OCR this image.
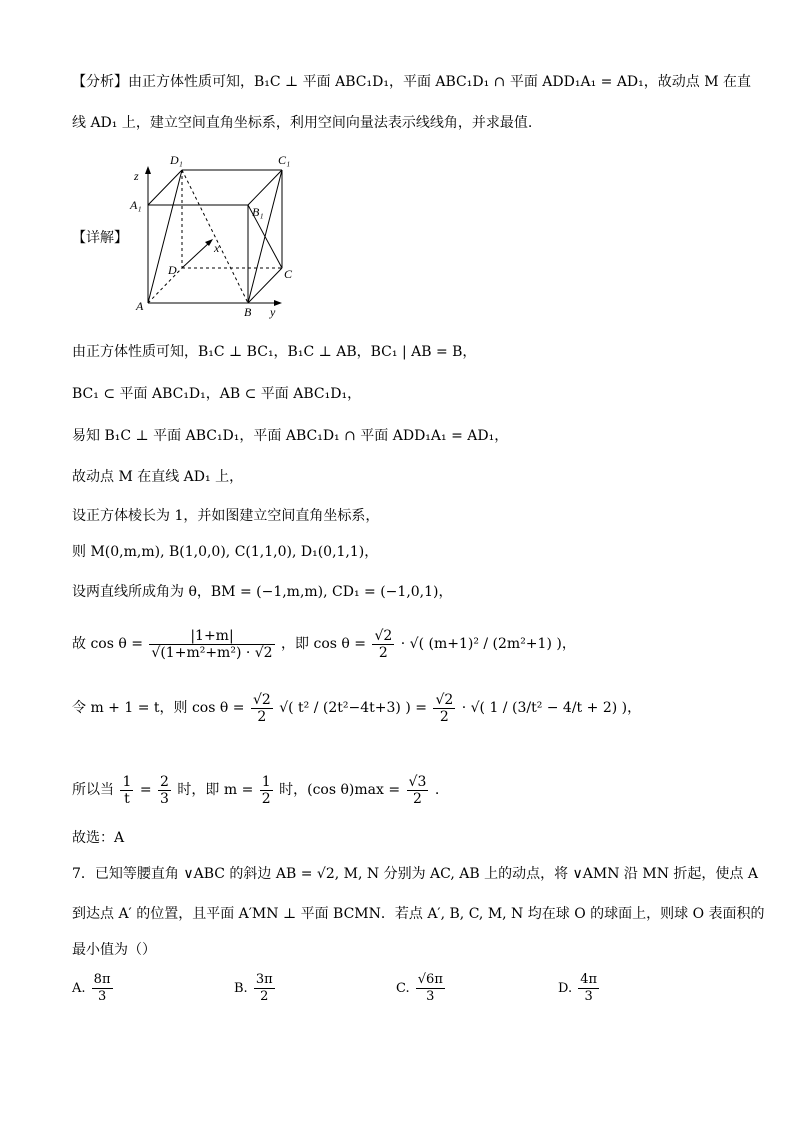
【分析】由正方体性质可知，B₁C ⊥ 平面 ABC₁D₁，平面 ABC₁D₁ ∩ 平面 ADD₁A₁ = AD₁，故动点 M 在直
线 AD₁ 上，建立空间直角坐标系，利用空间向量法表示线线角，并求最值.
【详解】
D₁	C₁
A₁	B₁
D	C
A	B
x
y
z
由正方体性质可知，B₁C ⊥ BC₁，B₁C ⊥ AB，BC₁ | AB = B，
BC₁ ⊂ 平面 ABC₁D₁，AB ⊂ 平面 ABC₁D₁，
易知 B₁C ⊥ 平面 ABC₁D₁，平面 ABC₁D₁ ∩ 平面 ADD₁A₁ = AD₁，
故动点 M 在直线 AD₁ 上，
设正方体棱长为 1，并如图建立空间直角坐标系，
则 M(0,m,m), B(1,0,0), C(1,1,0), D₁(0,1,1)，
设两直线所成角为 θ，BM = (−1,m,m), CD₁ = (−1,0,1)，
故 $\cos \theta = \frac{|1+m|}{\text{√(1+m²+m²) · √2}}$ ，即 $\cos \theta = \frac{√2}{2}$ · √( (m+1)² / (2m²+1) )，
令 m + 1 = t，则 $\cos \theta = \frac{√2}{2}$ √( t² / (2t²−4t+3) ) = $\frac{√2}{2}$ · √( 1 / (3/t² − 4/t + 2) )，
所以当 $\frac{1}{t} = \frac{2}{3}$ 时，即 $m = \frac{1}{2}$ 时，(cos $\theta)\max = \frac{√3}{2}$ .
故选：A
7．已知等腰直角 ∨ABC 的斜边 AB = √2, M, N 分别为 AC, AB 上的动点，将 ∨AMN 沿 MN 折起，使点 A
到达点 A′ 的位置，且平面 A′MN ⊥ 平面 BCMN．若点 A′, B, C, M, N 均在球 O 的球面上，则球 O 表面积的
最小值为（）
A. $\frac{8\pi}{3}$	B. $\frac{3\pi}{2}$	C. $\frac{√6\pi}{3}$	D. $\frac{4\pi}{3}$
